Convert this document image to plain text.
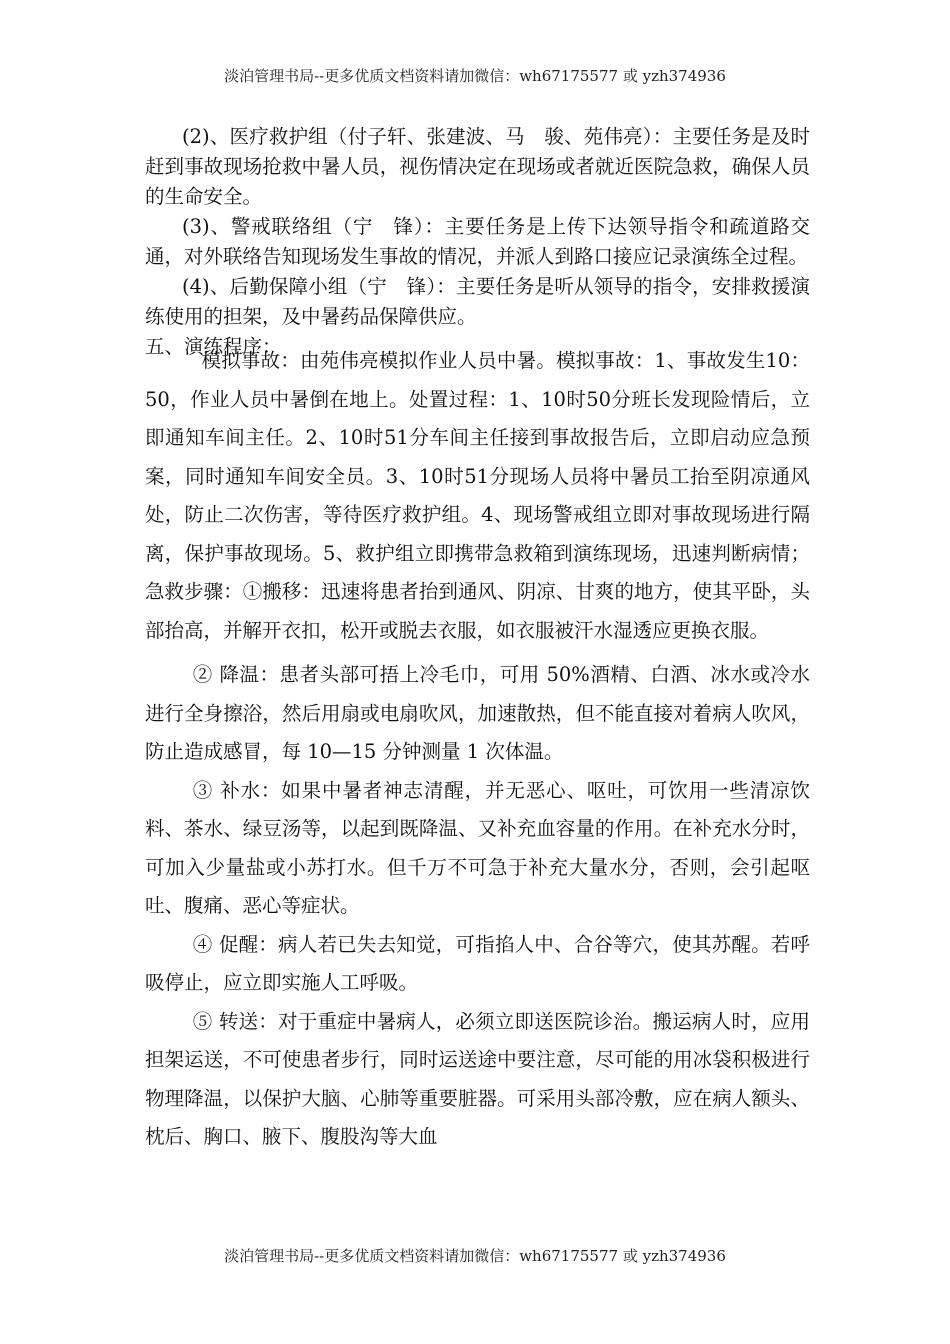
淡泊管理书局--更多优质文档资料请加微信：wh67175577 或 yzh374936

(2)、医疗救护组（付子轩、张建波、马　骏、苑伟亮）：主要任务是及时赶到事故现场抢救中暑人员，视伤情决定在现场或者就近医院急救，确保人员的生命安全。

(3)、警戒联络组（宁　锋）：主要任务是上传下达领导指令和疏道路交通，对外联络告知现场发生事故的情况，并派人到路口接应记录演练全过程。

(4)、后勤保障小组（宁　锋）：主要任务是听从领导的指令，安排救援演练使用的担架，及中暑药品保障供应。

五、演练程序：

模拟事故：由苑伟亮模拟作业人员中暑。模拟事故：1、事故发生10：50，作业人员中暑倒在地上。处置过程：1、10时50分班长发现险情后，立即通知车间主任。2、10时51分车间主任接到事故报告后，立即启动应急预案，同时通知车间安全员。3、10时51分现场人员将中暑员工抬至阴凉通风处，防止二次伤害，等待医疗救护组。4、现场警戒组立即对事故现场进行隔离，保护事故现场。5、救护组立即携带急救箱到演练现场，迅速判断病情；急救步骤：①搬移：迅速将患者抬到通风、阴凉、甘爽的地方，使其平卧，头部抬高，并解开衣扣，松开或脱去衣服，如衣服被汗水湿透应更换衣服。

② 降温：患者头部可捂上冷毛巾，可用 50%酒精、白酒、冰水或冷水进行全身擦浴，然后用扇或电扇吹风，加速散热，但不能直接对着病人吹风，防止造成感冒，每 10—15 分钟测量 1 次体温。

③ 补水：如果中暑者神志清醒，并无恶心、呕吐，可饮用一些清凉饮料、茶水、绿豆汤等，以起到既降温、又补充血容量的作用。在补充水分时，可加入少量盐或小苏打水。但千万不可急于补充大量水分，否则，会引起呕吐、腹痛、恶心等症状。

④ 促醒：病人若已失去知觉，可指掐人中、合谷等穴，使其苏醒。若呼吸停止，应立即实施人工呼吸。

⑤ 转送：对于重症中暑病人，必须立即送医院诊治。搬运病人时，应用担架运送，不可使患者步行，同时运送途中要注意，尽可能的用冰袋积极进行物理降温，以保护大脑、心肺等重要脏器。可采用头部冷敷，应在病人额头、枕后、胸口、腋下、腹股沟等大血

淡泊管理书局--更多优质文档资料请加微信：wh67175577 或 yzh374936
